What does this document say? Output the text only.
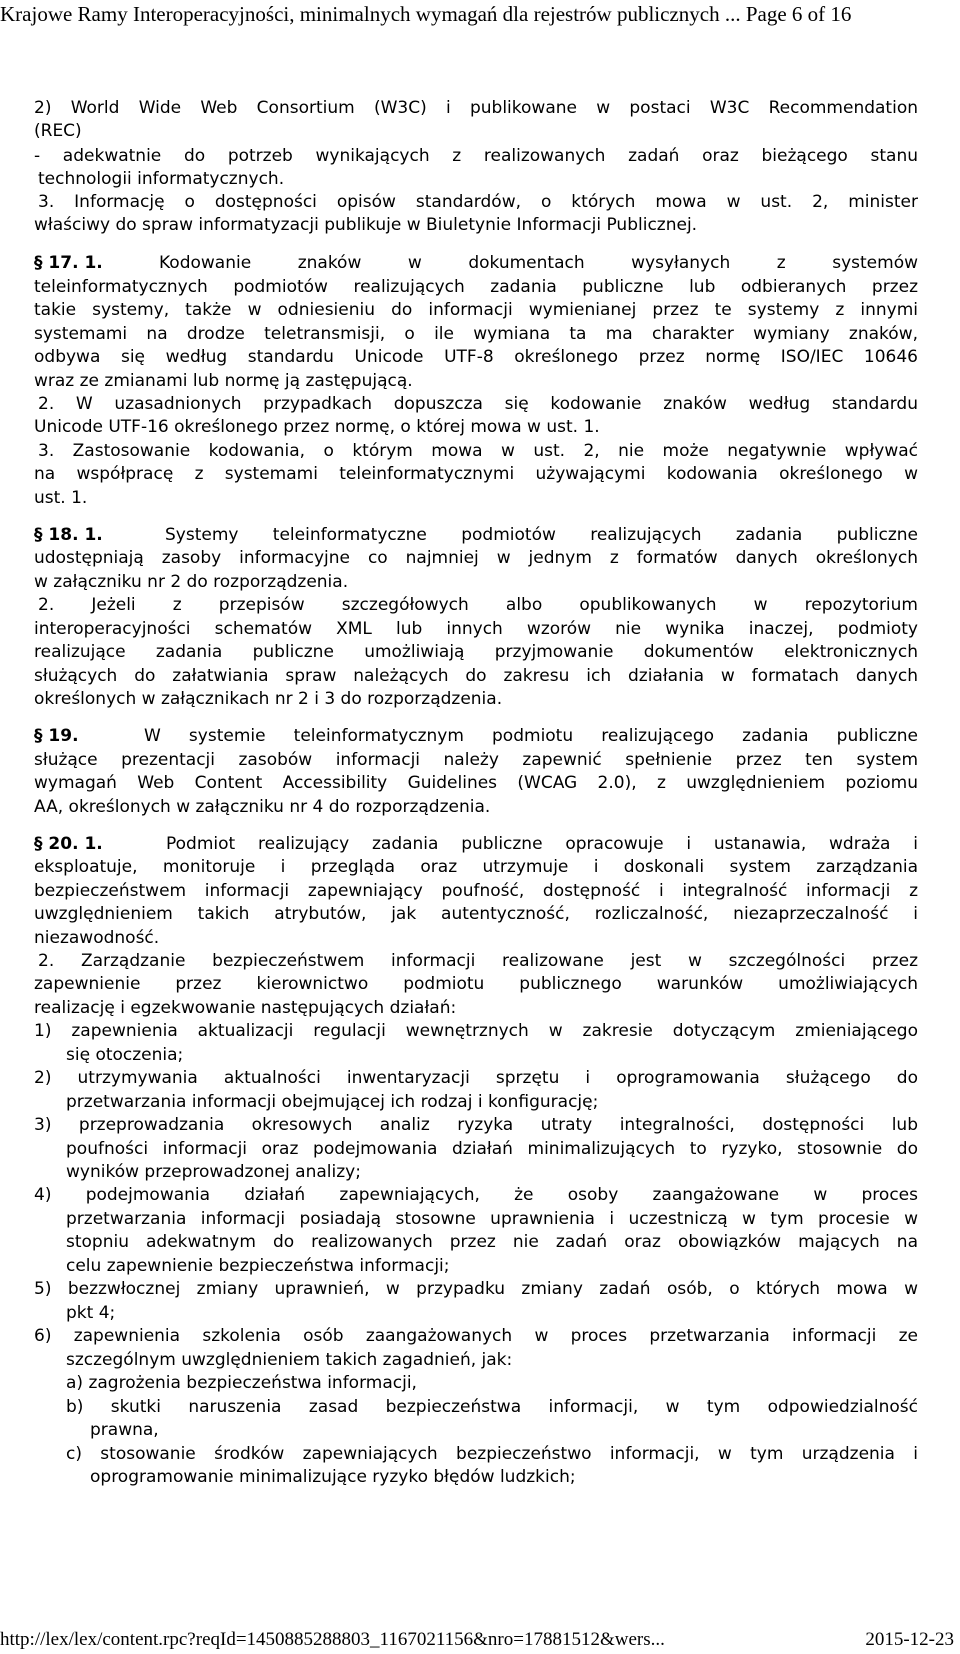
Krajowe Ramy Interoperacyjności, minimalnych wymagań dla rejestrów publicznych ... Page 6 of 16
2) World Wide Web Consortium (W3C) i publikowane w postaci W3C Recommendation
(REC)
- adekwatnie do potrzeb wynikających z realizowanych zadań oraz bieżącego stanu
technologii informatycznych.
3. Informację o dostępności opisów standardów, o których mowa w ust. 2, minister
właściwy do spraw informatyzacji publikuje w Biuletynie Informacji Publicznej.
§ 17. 1.	Kodowanie znaków w dokumentach wysyłanych z systemów
teleinformatycznych podmiotów realizujących zadania publiczne lub odbieranych przez
takie systemy, także w odniesieniu do informacji wymienianej przez te systemy z innymi
systemami na drodze teletransmisji, o ile wymiana ta ma charakter wymiany znaków,
odbywa się według standardu Unicode UTF-8 określonego przez normę ISO/IEC 10646
wraz ze zmianami lub normę ją zastępującą.
2. W uzasadnionych przypadkach dopuszcza się kodowanie znaków według standardu
Unicode UTF-16 określonego przez normę, o której mowa w ust. 1.
3. Zastosowanie kodowania, o którym mowa w ust. 2, nie może negatywnie wpływać
na współpracę z systemami teleinformatycznymi używającymi kodowania określonego w
ust. 1.
§ 18. 1.	Systemy teleinformatyczne podmiotów realizujących zadania publiczne
udostępniają zasoby informacyjne co najmniej w jednym z formatów danych określonych
w załączniku nr 2 do rozporządzenia.
2. Jeżeli z przepisów szczegółowych albo opublikowanych w repozytorium
interoperacyjności schematów XML lub innych wzorów nie wynika inaczej, podmioty
realizujące zadania publiczne umożliwiają przyjmowanie dokumentów elektronicznych
służących do załatwiania spraw należących do zakresu ich działania w formatach danych
określonych w załącznikach nr 2 i 3 do rozporządzenia.
§ 19.	W systemie teleinformatycznym podmiotu realizującego zadania publiczne
służące prezentacji zasobów informacji należy zapewnić spełnienie przez ten system
wymagań Web Content Accessibility Guidelines (WCAG 2.0), z uwzględnieniem poziomu
AA, określonych w załączniku nr 4 do rozporządzenia.
§ 20. 1.	Podmiot realizujący zadania publiczne opracowuje i ustanawia, wdraża i
eksploatuje, monitoruje i przegląda oraz utrzymuje i doskonali system zarządzania
bezpieczeństwem informacji zapewniający poufność, dostępność i integralność informacji z
uwzględnieniem takich atrybutów, jak autentyczność, rozliczalność, niezaprzeczalność i
niezawodność.
2. Zarządzanie bezpieczeństwem informacji realizowane jest w szczególności przez
zapewnienie przez kierownictwo podmiotu publicznego warunków umożliwiających
realizację i egzekwowanie następujących działań:
1) zapewnienia aktualizacji regulacji wewnętrznych w zakresie dotyczącym zmieniającego
się otoczenia;
2) utrzymywania aktualności inwentaryzacji sprzętu i oprogramowania służącego do
przetwarzania informacji obejmującej ich rodzaj i konfigurację;
3) przeprowadzania okresowych analiz ryzyka utraty integralności, dostępności lub
poufności informacji oraz podejmowania działań minimalizujących to ryzyko, stosownie do
wyników przeprowadzonej analizy;
4) podejmowania działań zapewniających, że osoby zaangażowane w proces
przetwarzania informacji posiadają stosowne uprawnienia i uczestniczą w tym procesie w
stopniu adekwatnym do realizowanych przez nie zadań oraz obowiązków mających na
celu zapewnienie bezpieczeństwa informacji;
5) bezzwłocznej zmiany uprawnień, w przypadku zmiany zadań osób, o których mowa w
pkt 4;
6) zapewnienia szkolenia osób zaangażowanych w proces przetwarzania informacji ze
szczególnym uwzględnieniem takich zagadnień, jak:
a) zagrożenia bezpieczeństwa informacji,
b) skutki naruszenia zasad bezpieczeństwa informacji, w tym odpowiedzialność
prawna,
c) stosowanie środków zapewniających bezpieczeństwo informacji, w tym urządzenia i
oprogramowanie minimalizujące ryzyko błędów ludzkich;
http://lex/lex/content.rpc?reqId=1450885288803_1167021156&nro=17881512&wers...	2015-12-23
